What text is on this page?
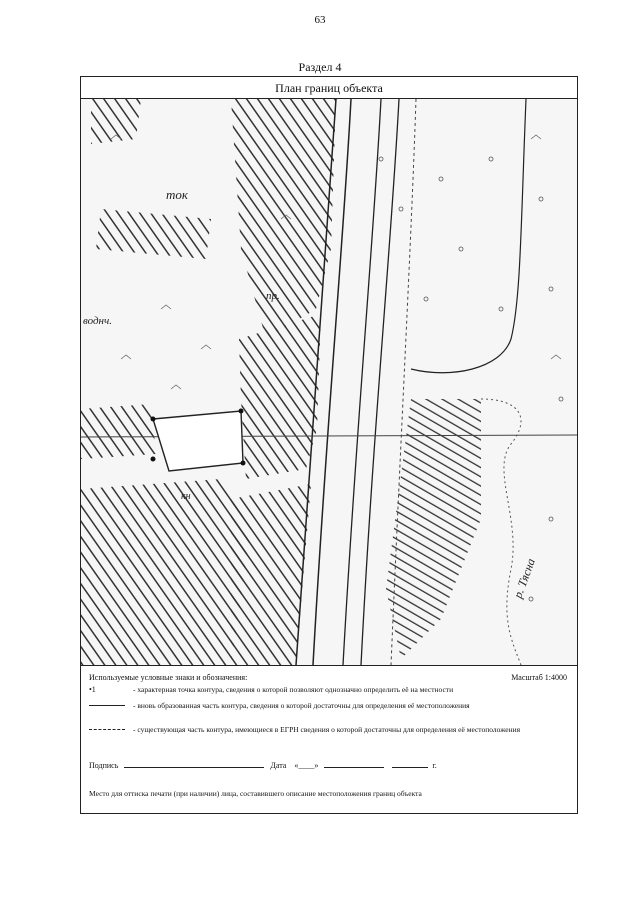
63
Раздел 4
План границ объекта
ток
воднч.
пр.
кн
р. Тясна
Используемые условные знаки и обозначения:	Масштаб 1:4000
•1	- характерная точка контура, сведения о которой позволяют однозначно определить её на местности
- вновь образованная часть контура, сведения о которой достаточны для определения её местоположения
- существующая часть контура, имеющиеся в ЕГРН сведения о которой достаточны для определения её местоположения
Подпись	Дата «____»	г.
Место для оттиска печати (при наличии) лица, составившего описание местоположения границ объекта
